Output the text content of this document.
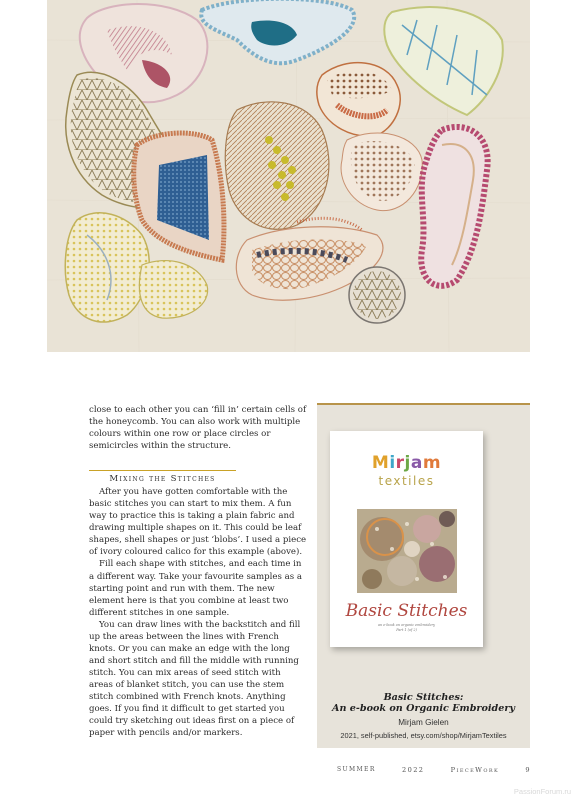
close to each other you can ‘fill in’ certain cells of the honeycomb. You can also work with multiple colours within one row or place circles or semicircles within the structure.

Mixing the Stitches

After you have gotten comfortable with the basic stitches you can start to mix them. A fun way to practice this is taking a plain fabric and drawing multiple shapes on it. This could be leaf shapes, shell shapes or just ‘blobs’. I used a piece of ivory coloured calico for this example (above).

Fill each shape with stitches, and each time in a different way. Take your favourite samples as a starting point and run with them. The new element here is that you combine at least two different stitches in one sample.

You can draw lines with the backstitch and fill up the areas between the lines with French knots. Or you can make an edge with the long and short stitch and fill the middle with running stitch. You can mix areas of seed stitch with areas of blanket stitch, you can use the stem stitch combined with French knots. Anything goes. If you find it difficult to get started you could try sketching out ideas first on a piece of paper with pencils and/or markers.

Mirjam
textiles
Basic Stitches
an e-book on organic embroidery
Part 1 (of 2)
Basic Stitches:
An e-book on Organic Embroidery
Mirjam Gielen
2021, self-published, etsy.com/shop/MirjamTextiles
SUMMER	2022	PieceWork	9
PassionForum.ru
